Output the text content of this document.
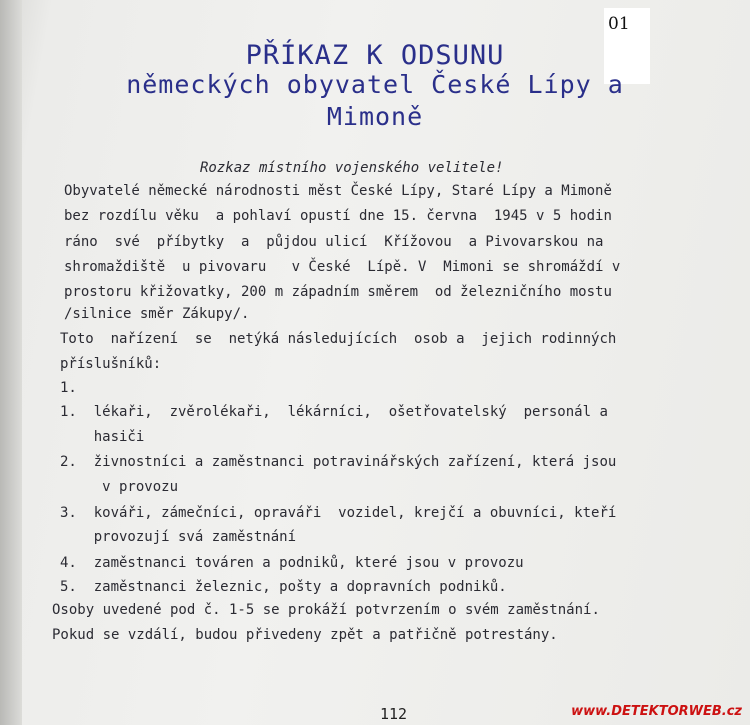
01
PŘÍKAZ K ODSUNU
německých obyvatel České Lípy a
Mimoně
Rozkaz místního vojenského velitele!
Obyvatelé německé národnosti měst České Lípy, Staré Lípy a Mimoně
bez rozdílu věku  a pohlaví opustí dne 15. června  1945 v 5 hodin
ráno  své  příbytky  a  půjdou ulicí  Křížovou  a Pivovarskou na
shromaždiště  u pivovaru   v České  Lípě. V  Mimoni se shromáždí v
prostoru křižovatky, 200 m západním směrem  od železničního mostu
/silnice směr Zákupy/.
Toto  nařízení  se  netýká následujících  osob a  jejich rodinných
příslušníků:
1.
1.  lékaři,  zvěrolékaři,  lékárníci,  ošetřovatelský  personál a
hasiči
2.  živnostníci a zaměstnanci potravinářských zařízení, která jsou
v provozu
3.  kováři, zámečníci, opraváři  vozidel, krejčí a obuvníci, kteří
provozují svá zaměstnání
4.  zaměstnanci továren a podniků, které jsou v provozu
5.  zaměstnanci železnic, pošty a dopravních podniků.
Osoby uvedené pod č. 1-5 se prokáží potvrzením o svém zaměstnání.
Pokud se vzdálí, budou přivedeny zpět a patřičně potrestány.
112	www.DETEKTORWEB.cz
